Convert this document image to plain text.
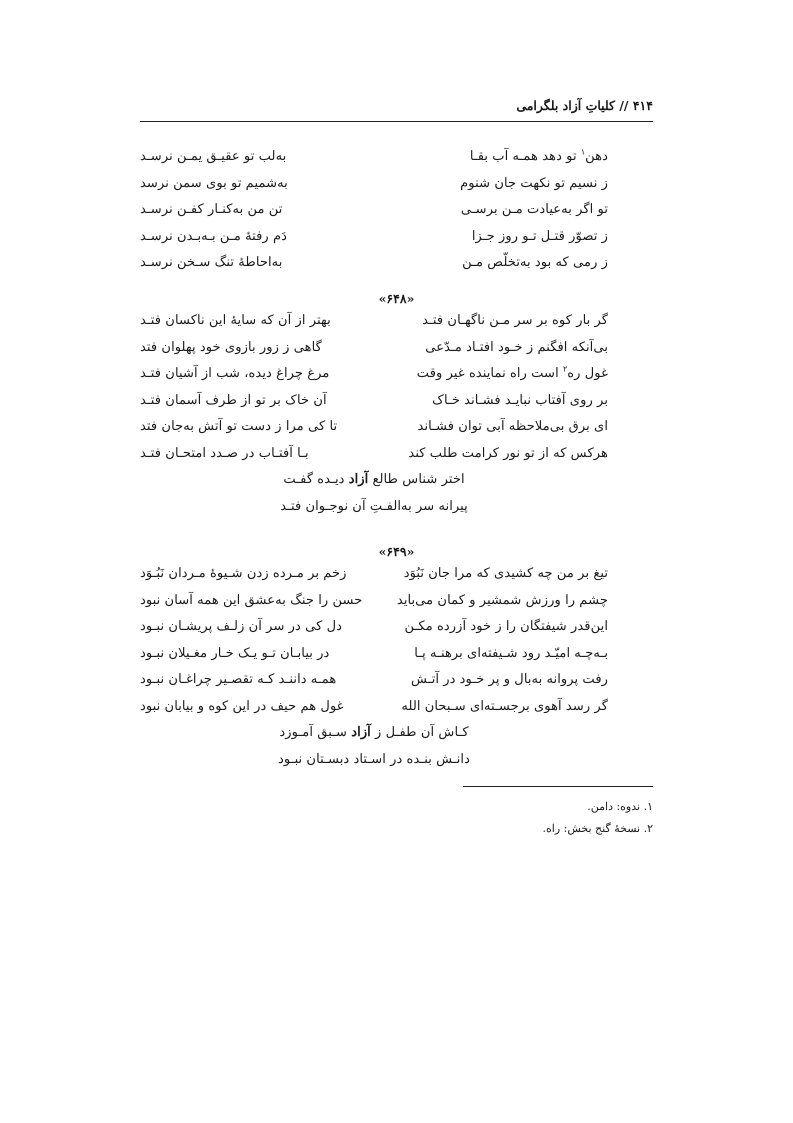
۴۱۴ // کلیاتِ آزاد بلگرامی
دهن$^۱$ تو دهد همـه آب بقـا
به‌لب تو عقیـق یمـن نرسـد
ز نسیم تو نکهت جان شنوم
به‌شمیم تو بوی سمن نرسد
تو اگر به‌عیادت مـن برسـی
تن من به‌کنـار کفـن نرسـد
ز تصوّر قتـل تـو روز جـزا
دَم رفتهٔ مـن بـه‌بـدن نرسـد
ز رمی که بود به‌تخلّص مـن
به‌احاطهٔ تنگ سـخن نرسـد
«۶۴۸»
گر بار کوه بر سر مـن ناگهـان فتـد
بهتر از آن که سایهٔ این ناکسان فتـد
بی‌آنکه افگنم ز خـود افتـاد مـدّعی
گاهی ز زور بازوی خود پهلوان فتد
غول ره$^۲$ است راه نماینده غیر وقت
مرغ چراغ دیده، شب از آشیان فتـد
بر روی آفتاب نبایـد فشـاند خـاک
آن خاک بر تو از طرف آسمان فتـد
ای برق بی‌ملاحظه آبی توان فشـاند
تا کی مرا ز دست تو آتش به‌جان فتد
هرکس که از تو نور کرامت طلب کند
بـا آفتـاب در صـدد امتحـان فتـد
اختر شناس طالع آزاد دیـده گفـت
پیرانه سر به‌الفـتِ آن نوجـوان فتـد
«۶۴۹»
تیغ بر من چه کشیدی که مرا جان نَبُوَد
زخم بر مـرده زدن شـیوهٔ مـردان نَبُـوَد
چشم را ورزش شمشیر و کمان می‌باید
حسن را جنگ به‌عشق این همه آسان نبود
این‌قدر شیفتگان را ز خود آزرده مکـن
دل کی در سر آن زلـف پریشـان نبـود
بـه‌چـه امیّـد رود شـیفته‌ای برهنـه پـا
در بیابـان تـو یـک خـار مغـیلان نبـود
رفت پروانه به‌بال و پر خـود در آتـش
همـه داننـد کـه تقصـیر چراغـان نبـود
گر رسد آهوی برجسـته‌ای سـبحان الله
غول هم حیف در این کوه و بیابان نبود
کـاش آن طفـل ز آزاد سـبق آمـوزد
دانـش بنـده در اسـتاد دبسـتان نبـود
۱. ندوه: دامن.
۲. نسخهٔ گنج بخش: راه.
